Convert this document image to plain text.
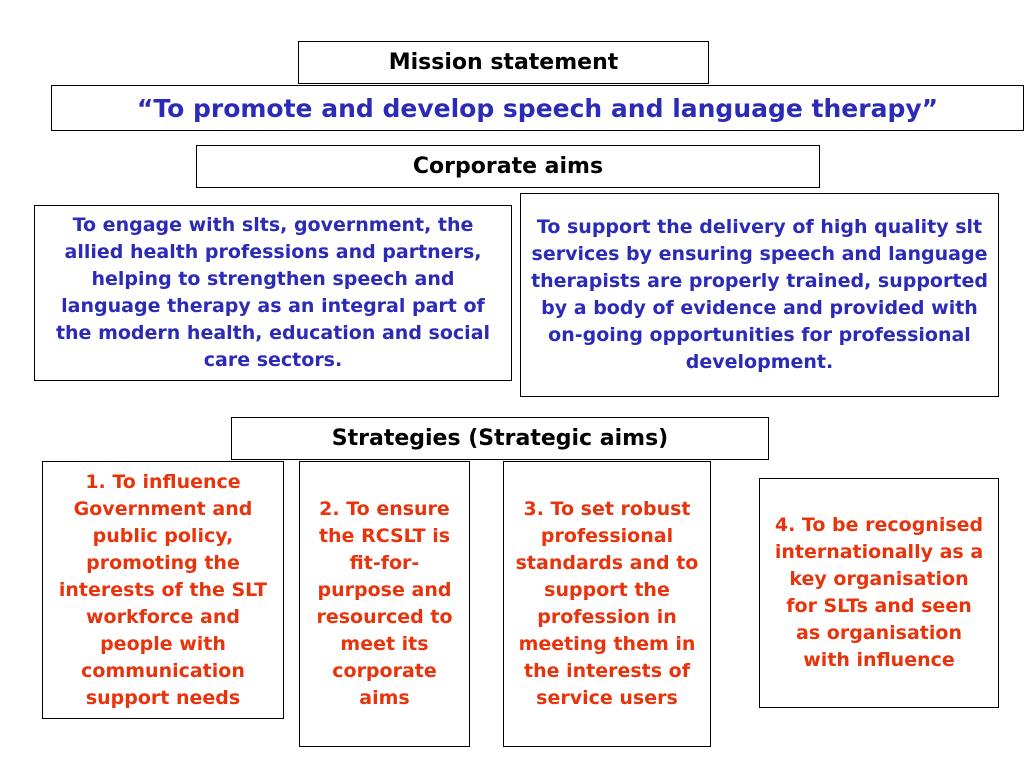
Mission statement
“To promote and develop speech and language therapy”
Corporate aims
To engage with slts, government, the allied health professions and partners, helping to strengthen speech and language therapy as an integral part of the modern health, education and social care sectors.
To support the delivery of high quality slt services by ensuring speech and language therapists are properly trained, supported by a body of evidence and provided with on-going opportunities for professional development.
Strategies (Strategic aims)
1. To influence Government and public policy, promoting the interests of the SLT workforce and people with communication support needs
2. To ensure the RCSLT is fit-for-purpose and resourced to meet its corporate aims
3. To set robust professional standards and to support the profession in meeting them in the interests of service users
4. To be recognised internationally as a key organisation for SLTs and seen as organisation with influence
